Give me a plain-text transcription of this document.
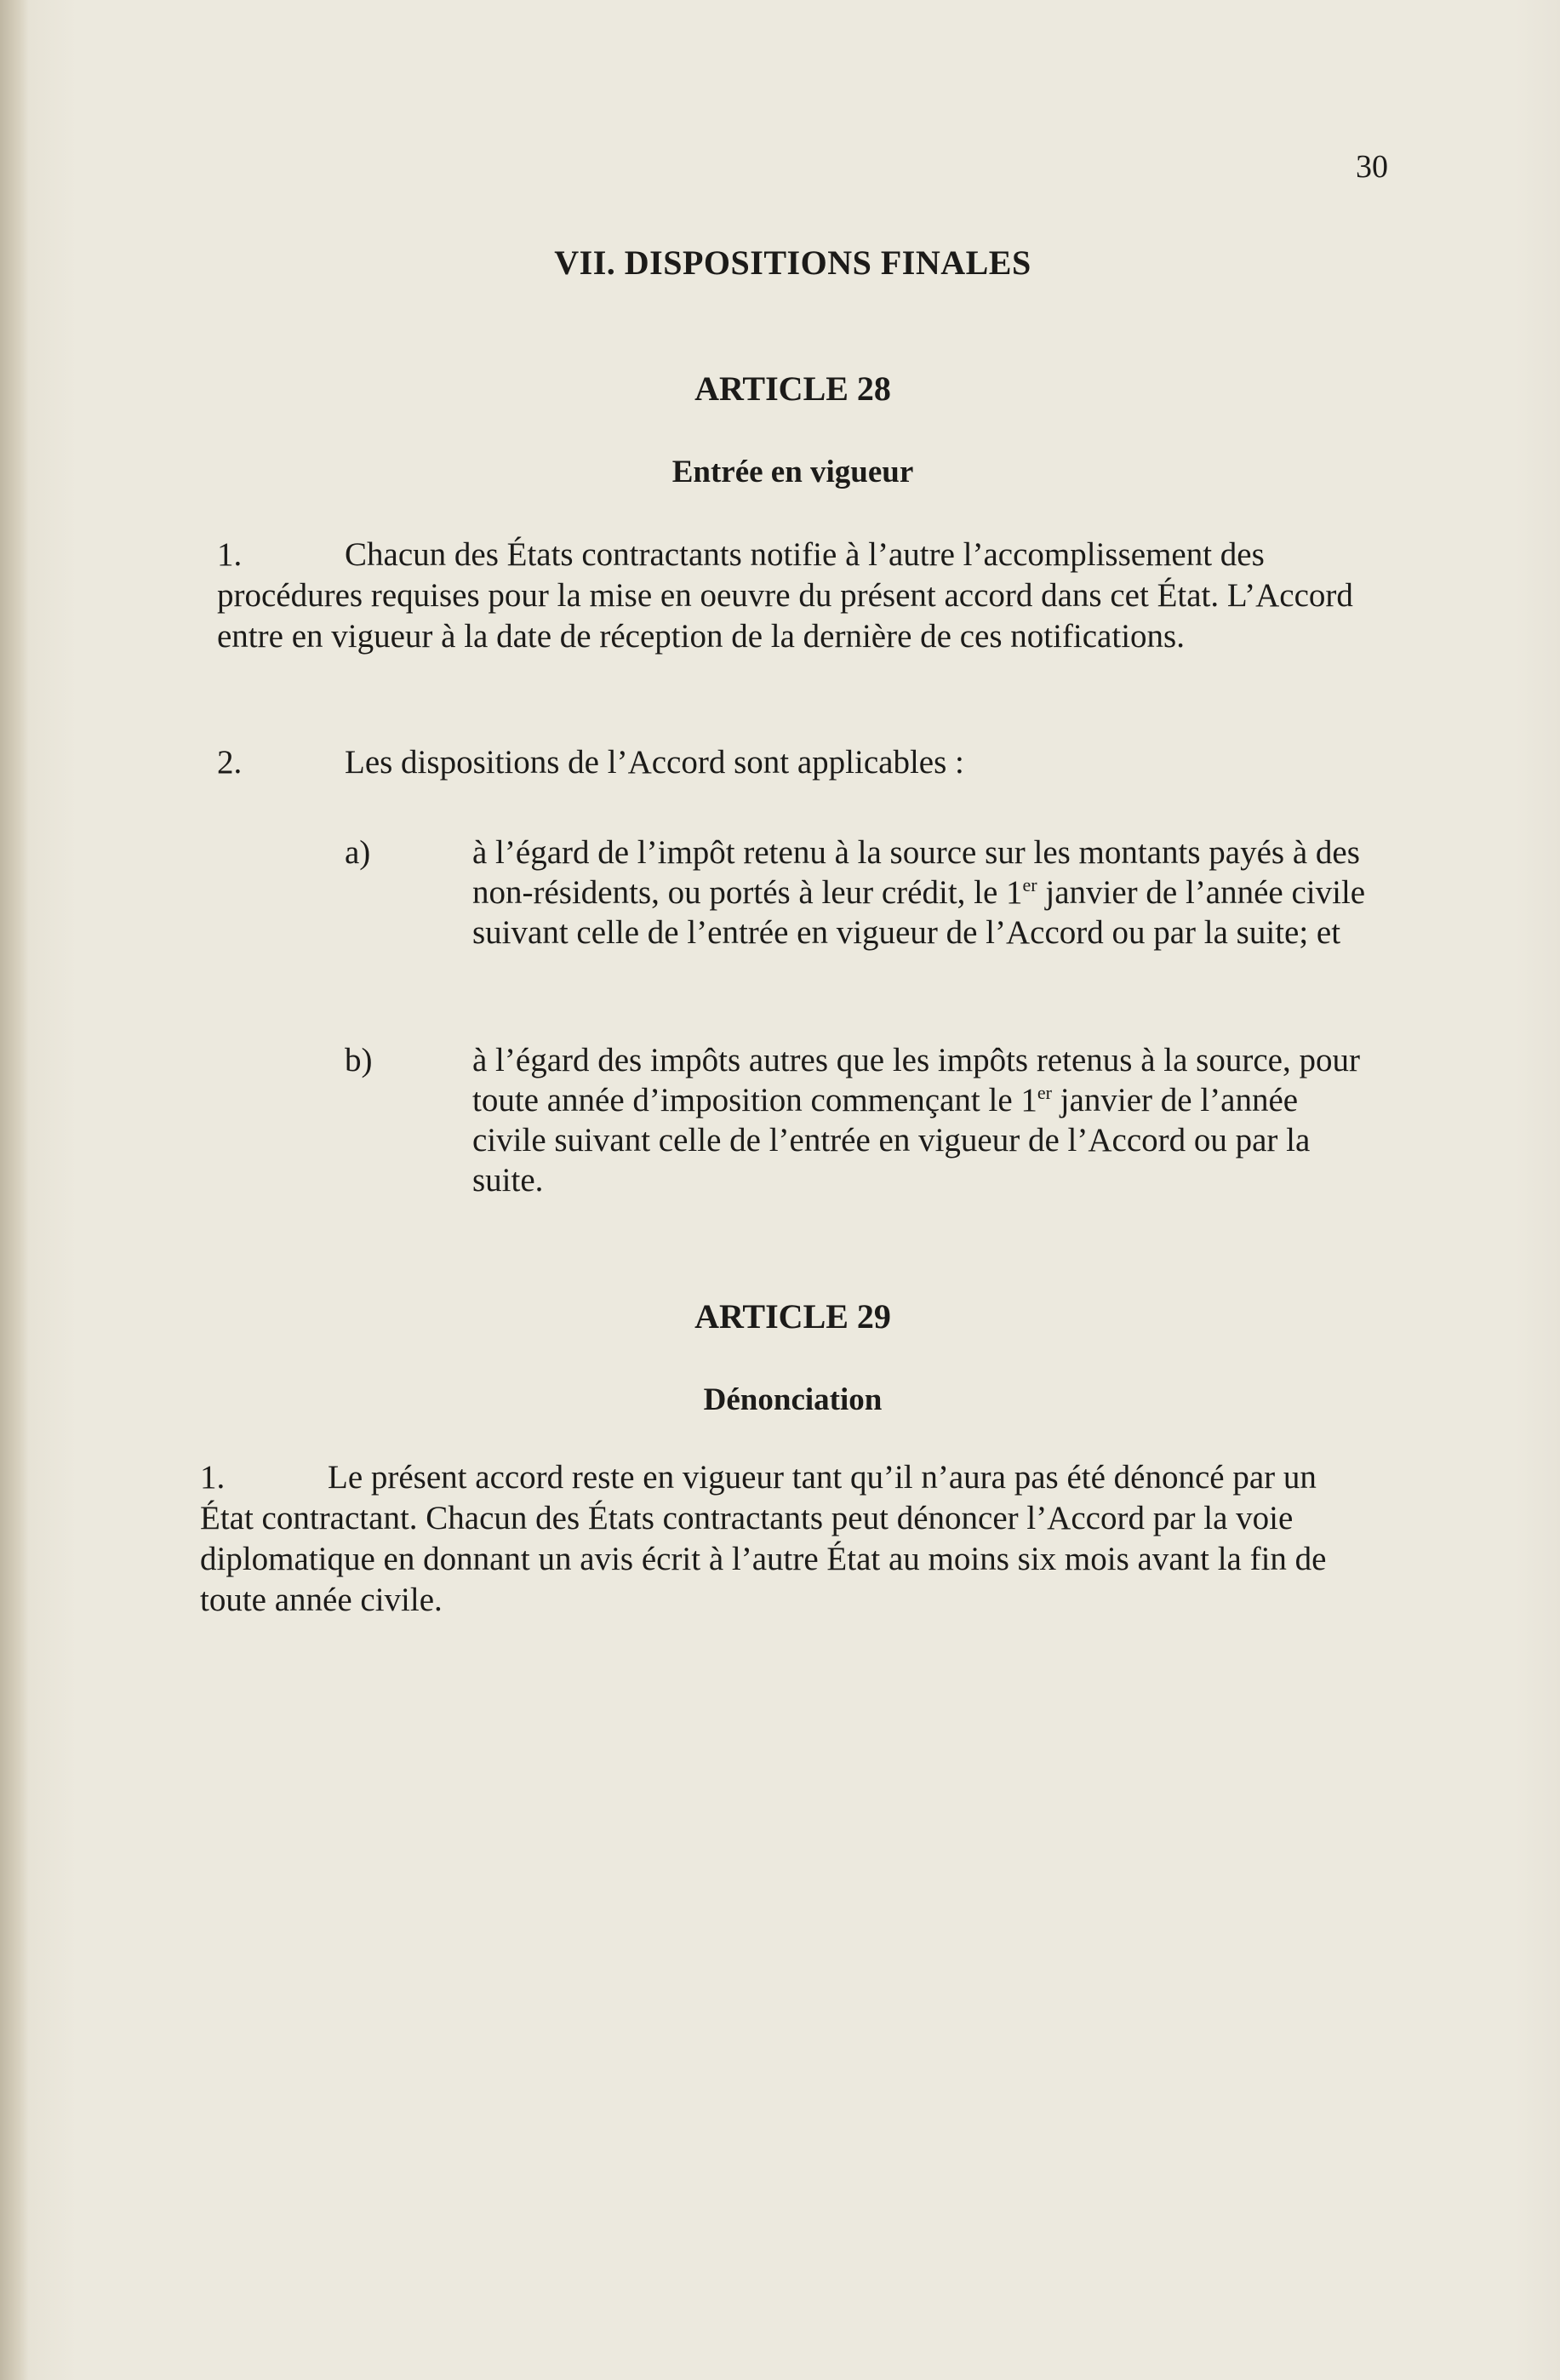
30
VII. DISPOSITIONS FINALES
ARTICLE 28
Entrée en vigueur
1.	Chacun des États contractants notifie à l’autre l’accomplissement des procédures requises pour la mise en oeuvre du présent accord dans cet État. L’Accord entre en vigueur à la date de réception de la dernière de ces notifications.
2.	Les dispositions de l’Accord sont applicables :
a)	à l’égard de l’impôt retenu à la source sur les montants payés à des non-résidents, ou portés à leur crédit, le 1er janvier de l’année civile suivant celle de l’entrée en vigueur de l’Accord ou par la suite; et
b)	à l’égard des impôts autres que les impôts retenus à la source, pour toute année d’imposition commençant le 1er janvier de l’année civile suivant celle de l’entrée en vigueur de l’Accord ou par la suite.
ARTICLE 29
Dénonciation
1.	Le présent accord reste en vigueur tant qu’il n’aura pas été dénoncé par un État contractant. Chacun des États contractants peut dénoncer l’Accord par la voie diplomatique en donnant un avis écrit à l’autre État au moins six mois avant la fin de toute année civile.
